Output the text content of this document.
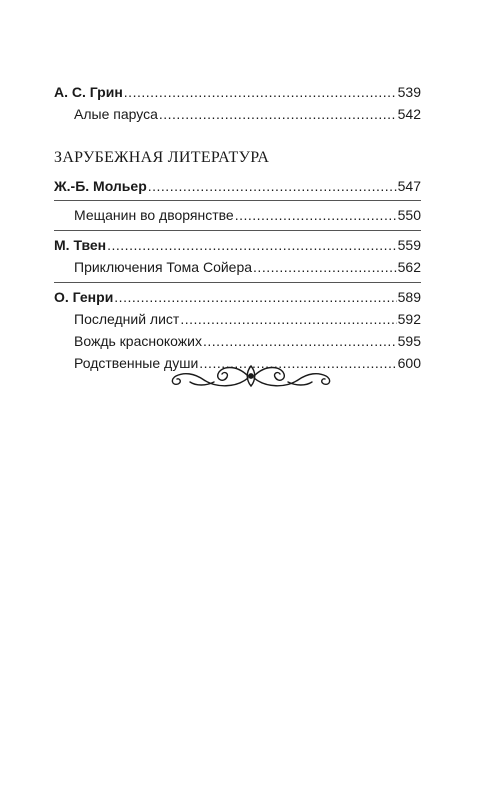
А. С. Грин .....	539
Алые паруса .....	542
ЗАРУБЕЖНАЯ ЛИТЕРАТУРА
Ж.-Б. Мольер .....	547
Мещанин во дворянстве .....	550
М. Твен .....	559
Приключения Тома Сойера .....	562
О. Генри .....	589
Последний лист .....	592
Вождь краснокожих .....	595
Родственные души .....	600
